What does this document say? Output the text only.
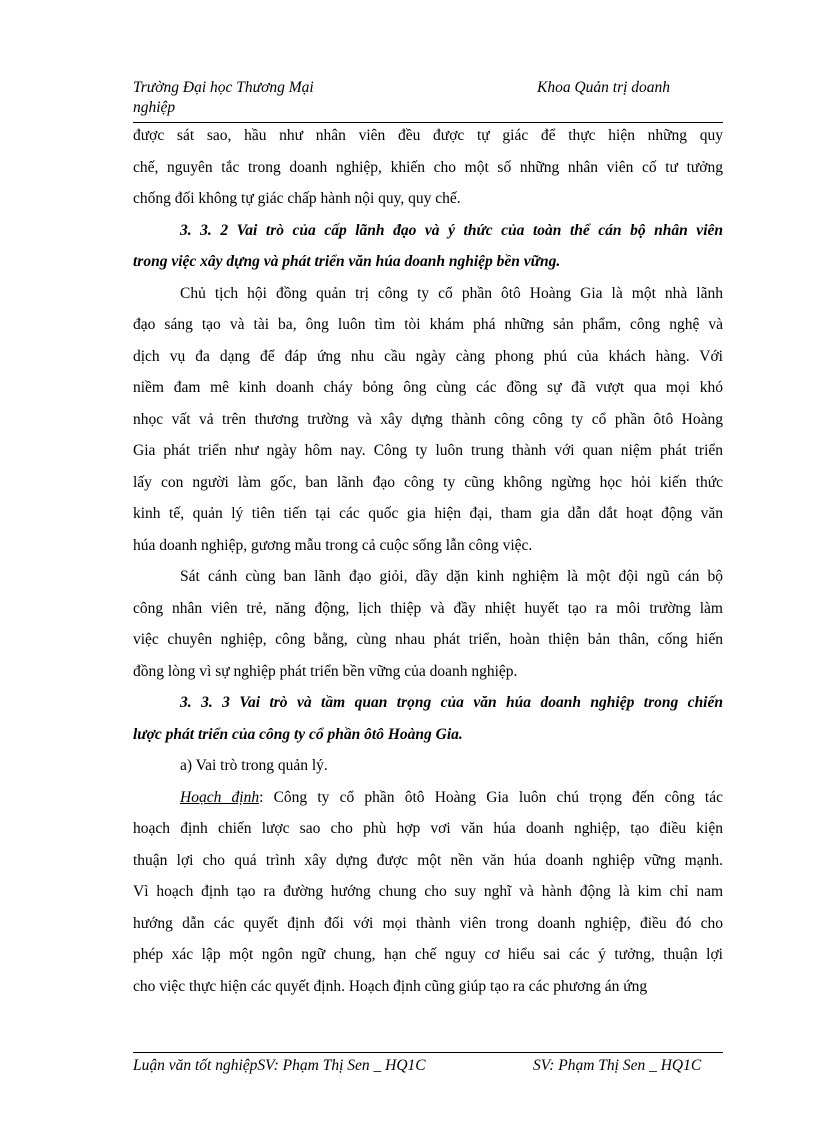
Trường Đại học Thương Mại	Khoa Quản trị doanh
nghiệp
được sát sao, hầu như nhân viên đều được tự giác để thực hiện những quy
chế, nguyên tắc trong doanh nghiệp, khiến cho một số những nhân viên cố tư tưởng
chống đối không tự giác chấp hành nội quy, quy chế.
3. 3. 2 Vai trò của cấp lãnh đạo và ý thức của toàn thể cán bộ nhân viên
trong việc xây dựng và phát triển văn húa doanh nghiệp bền vững.
Chủ tịch hội đồng quản trị công ty cổ phần ôtô Hoàng Gia là một nhà lãnh
đạo sáng tạo và tài ba, ông luôn tìm tòi khám phá những sản phẩm, công nghệ và
dịch vụ đa dạng để đáp ứng nhu cầu ngày càng phong phú của khách hàng. Với
niềm đam mê kinh doanh cháy bỏng ông cùng các đồng sự đã vượt qua mọi khó
nhọc vất vả trên thương trường và xây dựng thành công công ty cổ phần ôtô Hoàng
Gia phát triển như ngày hôm nay. Công ty luôn trung thành với quan niệm phát triển
lấy con người làm gốc, ban lãnh đạo công ty cũng không ngừng học hỏi kiến thức
kinh tế, quản lý tiên tiến tại các quốc gia hiện đại, tham gia dẫn dắt hoạt động văn
húa doanh nghiệp, gương mẫu trong cả cuộc sống lẫn công việc.
Sát cánh cùng ban lãnh đạo giỏi, dầy dặn kinh nghiệm là một đội ngũ cán bộ
công nhân viên trẻ, năng động, lịch thiệp và đầy nhiệt huyết tạo ra môi trường làm
việc chuyên nghiệp, công bằng, cùng nhau phát triển, hoàn thiện bản thân, cống hiến
đồng lòng vì sự nghiệp phát triển bền vững của doanh nghiệp.
3. 3. 3 Vai trò và tầm quan trọng của văn húa doanh nghiệp trong chiến
lược phát triển của công ty cổ phần ôtô Hoàng Gia.
a) Vai trò trong quản lý.
Hoạch định: Công ty cổ phần ôtô Hoàng Gia luôn chú trọng đến công tác
hoạch định chiến lược sao cho phù hợp vơi văn húa doanh nghiệp, tạo điều kiện
thuận lợi cho quá trình xây dựng được một nền văn húa doanh nghiệp vững mạnh.
Vì hoạch định tạo ra đường hướng chung cho suy nghĩ và hành động là kim chỉ nam
hướng dẫn các quyết định đối với mọi thành viên trong doanh nghiệp, điều đó cho
phép xác lập một ngôn ngữ chung, hạn chế nguy cơ hiểu sai các ý tưởng, thuận lợi
cho việc thực hiện các quyết định. Hoạch định cũng giúp tạo ra các phương án ứng
Luận văn tốt nghiệpSV: Phạm Thị Sen _ HQ1C	SV: Phạm Thị Sen _ HQ1C
